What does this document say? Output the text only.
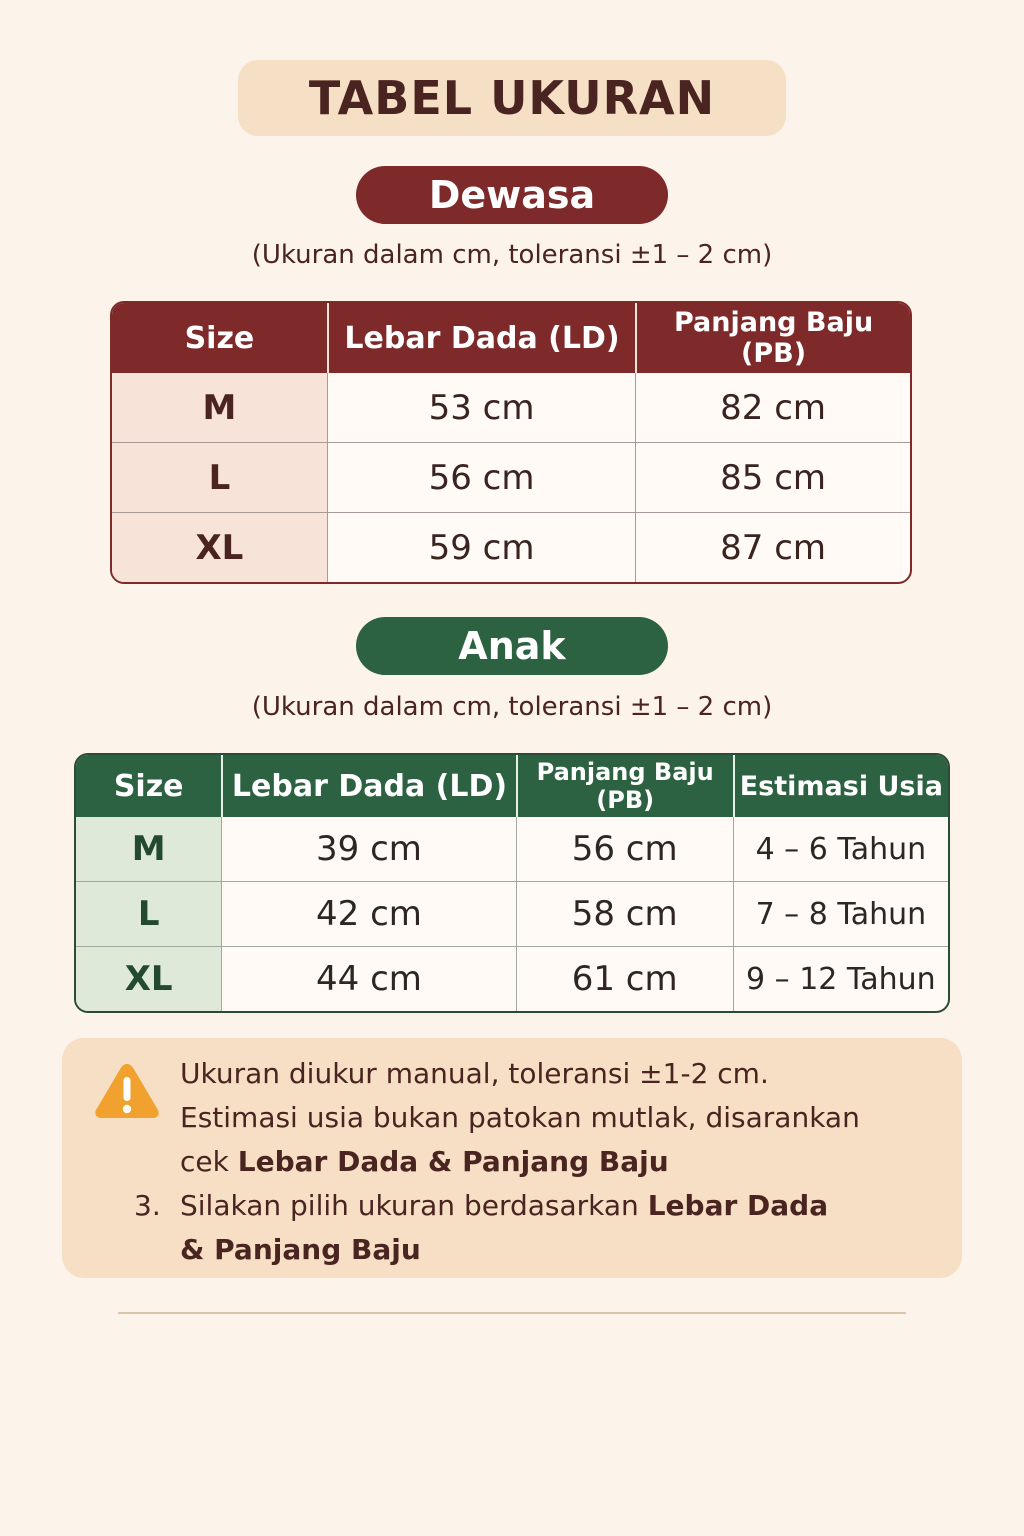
TABEL UKURAN
Dewasa
(Ukuran dalam cm, toleransi ±1 – 2 cm)
Size	Lebar Dada (LD)	Panjang Baju (PB)
M	53 cm	82 cm
L	56 cm	85 cm
XL	59 cm	87 cm
Anak
(Ukuran dalam cm, toleransi ±1 – 2 cm)
Size	Lebar Dada (LD)	Panjang Baju (PB)	Estimasi Usia
M	39 cm	56 cm	4 – 6 Tahun
L	42 cm	58 cm	7 – 8 Tahun
XL	44 cm	61 cm	9 – 12 Tahun
Ukuran diukur manual, toleransi ±1-2 cm.
Estimasi usia bukan patokan mutlak, disarankan
cek Lebar Dada & Panjang Baju
3. Silakan pilih ukuran berdasarkan Lebar Dada
& Panjang Baju
